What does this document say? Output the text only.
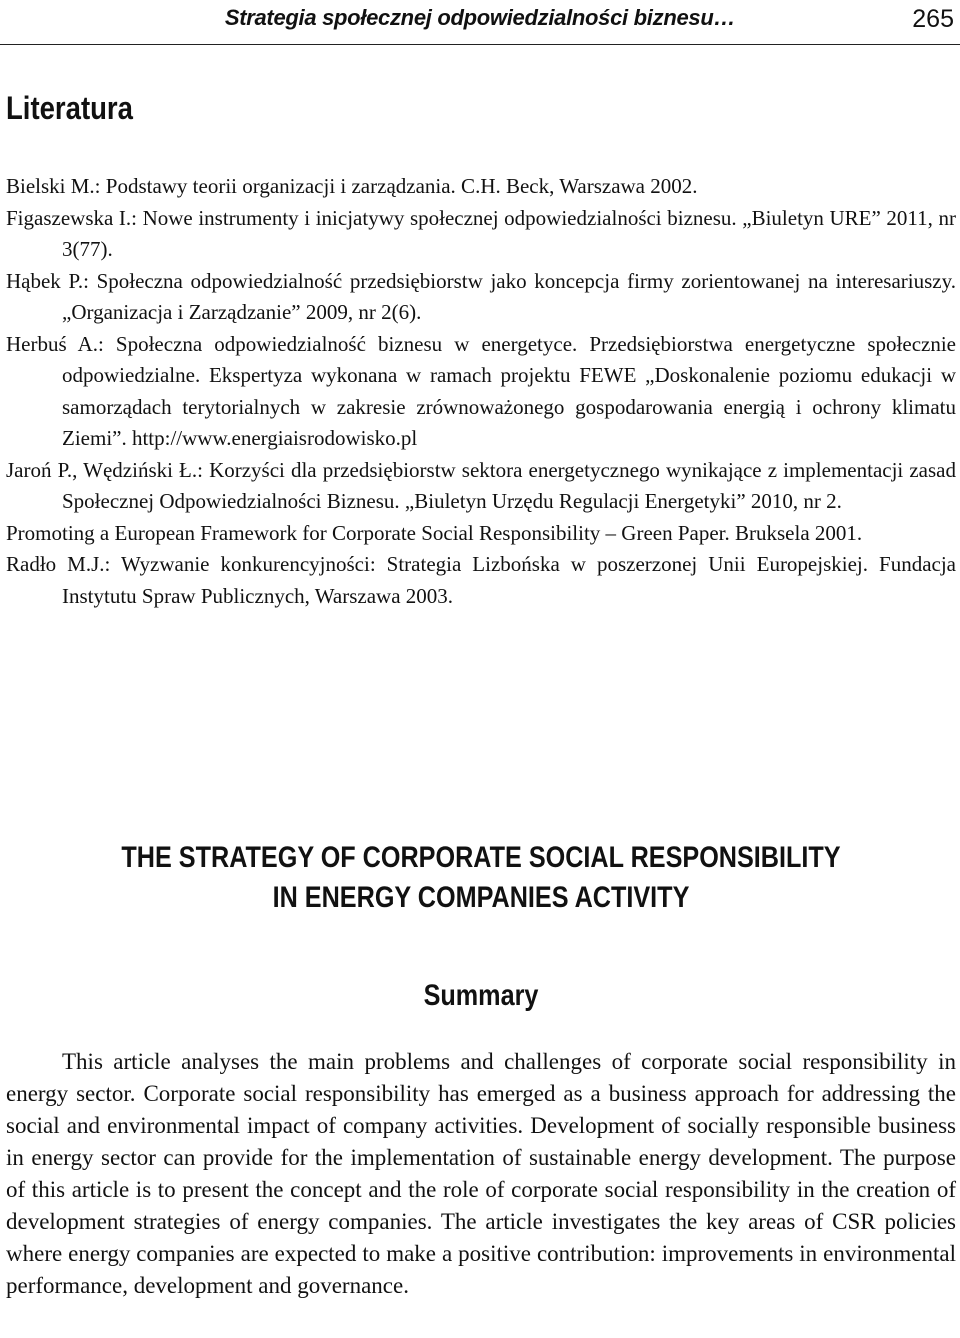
Strategia społecznej odpowiedzialności biznesu…	265
Literatura
Bielski M.: Podstawy teorii organizacji i zarządzania. C.H. Beck, Warszawa 2002.
Figaszewska I.: Nowe instrumenty i inicjatywy społecznej odpowiedzialności biznesu. „Biuletyn URE” 2011, nr 3(77).
Hąbek P.: Społeczna odpowiedzialność przedsiębiorstw jako koncepcja firmy zorientowanej na interesariuszy. „Organizacja i Zarządzanie” 2009, nr 2(6).
Herbuś A.: Społeczna odpowiedzialność biznesu w energetyce. Przedsiębiorstwa energetyczne społecznie odpowiedzialne. Ekspertyza wykonana w ramach projektu FEWE „Doskonalenie poziomu edukacji w samorządach terytorialnych w zakresie zrównoważonego gospodarowania energią i ochrony klimatu Ziemi”. http://www.energiaisrodowisko.pl
Jaroń P., Wędziński Ł.: Korzyści dla przedsiębiorstw sektora energetycznego wynikające z implementacji zasad Społecznej Odpowiedzialności Biznesu. „Biuletyn Urzędu Regulacji Energetyki” 2010, nr 2.
Promoting a European Framework for Corporate Social Responsibility – Green Paper. Bruksela 2001.
Radło M.J.: Wyzwanie konkurencyjności: Strategia Lizbońska w poszerzonej Unii Europejskiej. Fundacja Instytutu Spraw Publicznych, Warszawa 2003.
THE STRATEGY OF CORPORATE SOCIAL RESPONSIBILITY
IN ENERGY COMPANIES ACTIVITY
Summary

This article analyses the main problems and challenges of corporate social responsibility in energy sector. Corporate social responsibility has emerged as a business approach for addressing the social and environmental impact of company activities. Development of socially responsible business in energy sector can provide for the implementation of sustainable energy development. The purpose of this article is to present the concept and the role of corporate social responsibility in the creation of development strategies of energy companies. The article investigates the key areas of CSR policies where energy companies are expected to make a positive contribution: improvements in environmental performance, development and governance.
